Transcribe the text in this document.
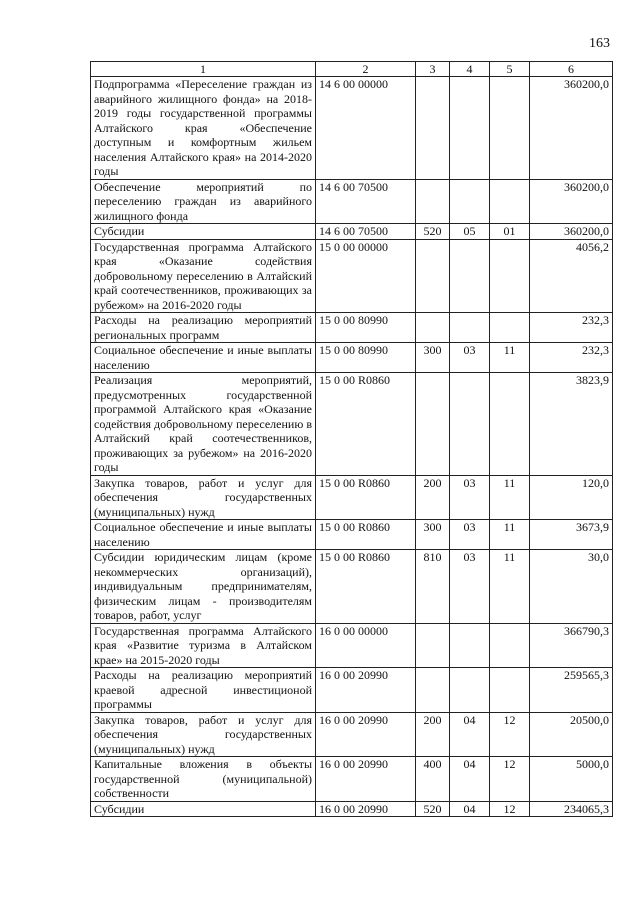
163
1	2	3	4	5	6
Подпрограмма «Переселение граждан из аварийного жилищного фонда» на 2018-2019 годы государственной программы Алтайского края «Обеспечение доступным и комфортным жильем населения Алтайского края» на 2014-2020 годы	14 6 00 00000				360200,0
Обеспечение мероприятий по переселению граждан из аварийного жилищного фонда	14 6 00 70500				360200,0
Субсидии	14 6 00 70500	520	05	01	360200,0
Государственная программа Алтайского края «Оказание содействия добровольному переселению в Алтайский край соотечественников, проживающих за рубежом» на 2016-2020 годы	15 0 00 00000				4056,2
Расходы на реализацию мероприятий региональных программ	15 0 00 80990				232,3
Социальное обеспечение и иные выплаты населению	15 0 00 80990	300	03	11	232,3
Реализация мероприятий, предусмотренных государственной программой Алтайского края «Оказание содействия добровольному переселению в Алтайский край соотечественников, проживающих за рубежом» на 2016-2020 годы	15 0 00 R0860				3823,9
Закупка товаров, работ и услуг для обеспечения государственных (муниципальных) нужд	15 0 00 R0860	200	03	11	120,0
Социальное обеспечение и иные выплаты населению	15 0 00 R0860	300	03	11	3673,9
Субсидии юридическим лицам (кроме некоммерческих организаций), индивидуальным предпринимателям, физическим лицам - производителям товаров, работ, услуг	15 0 00 R0860	810	03	11	30,0
Государственная программа Алтайского края «Развитие туризма в Алтайском крае» на 2015-2020 годы	16 0 00 00000				366790,3
Расходы на реализацию мероприятий краевой адресной инвестиционой программы	16 0 00 20990				259565,3
Закупка товаров, работ и услуг для обеспечения государственных (муниципальных) нужд	16 0 00 20990	200	04	12	20500,0
Капитальные вложения в объекты государственной (муниципальной) собственности	16 0 00 20990	400	04	12	5000,0
Субсидии	16 0 00 20990	520	04	12	234065,3
